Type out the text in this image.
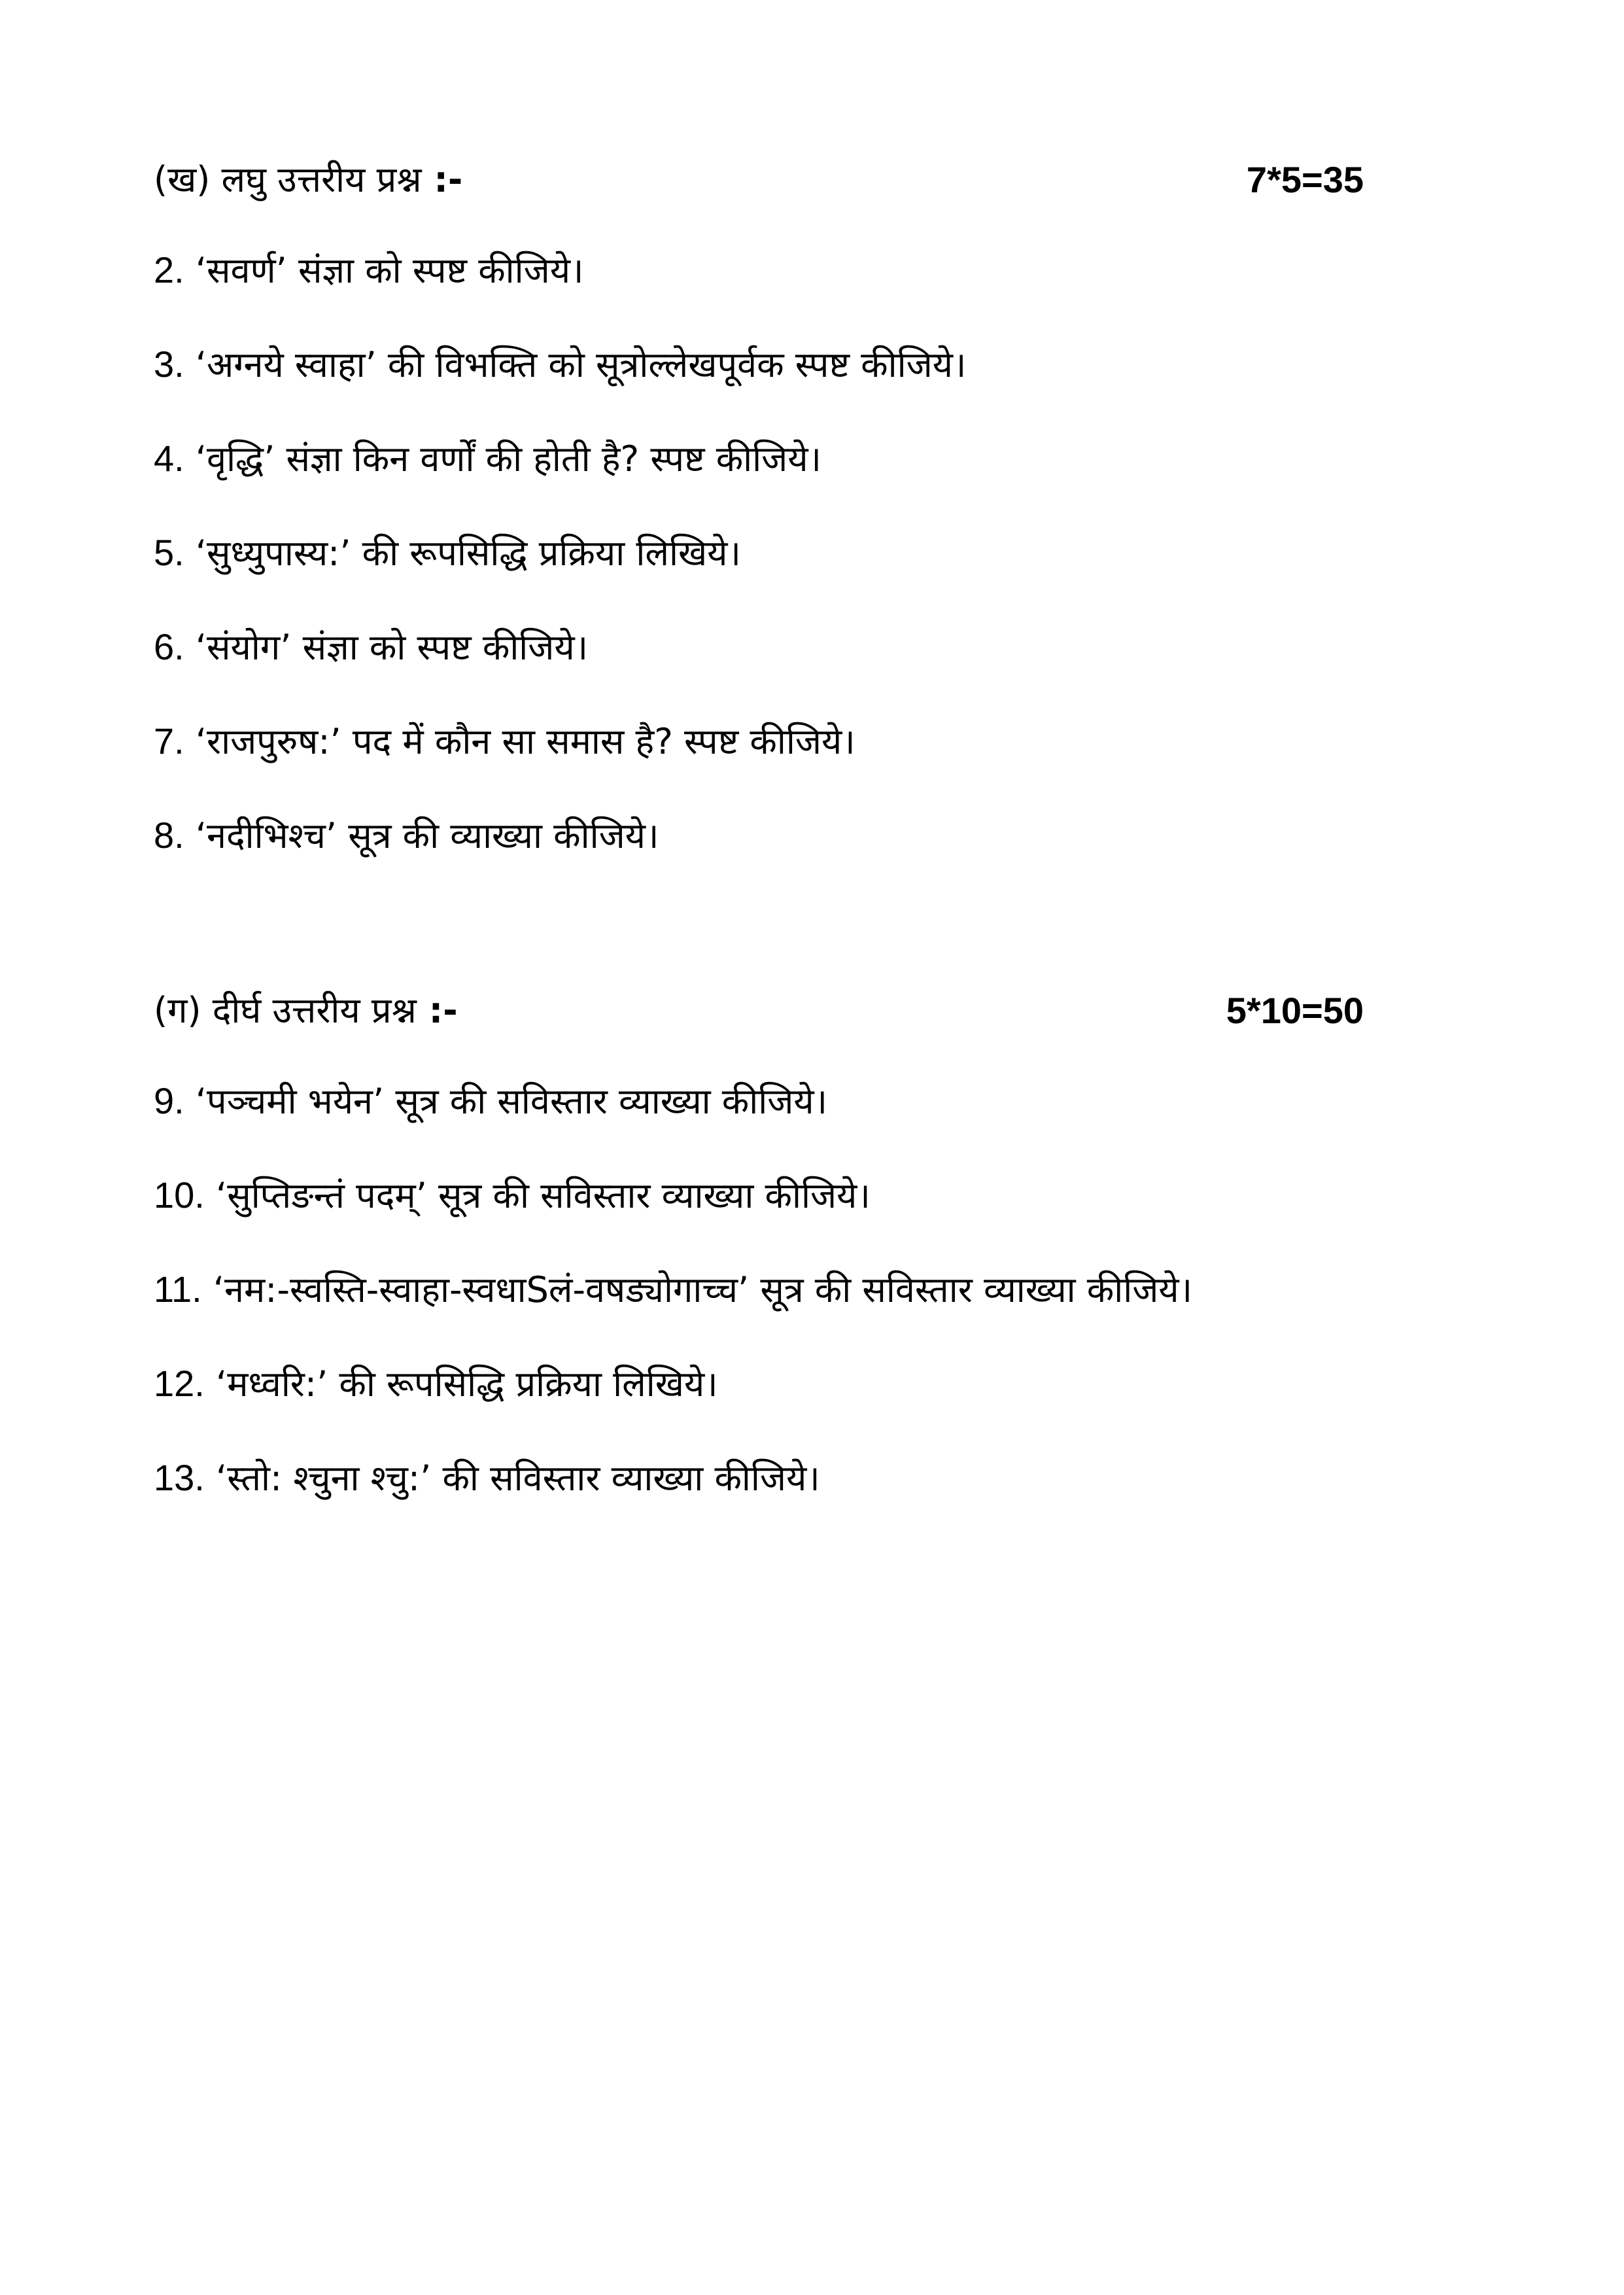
(ख) लघु उत्तरीय प्रश्न :-	7*5=35
2. ‘सवर्ण’ संज्ञा को स्पष्ट कीजिये।
3. ‘अग्नये स्वाहा’ की विभक्ति को सूत्रोल्लेखपूर्वक स्पष्ट कीजिये।
4. ‘वृद्धि’ संज्ञा किन वर्णों की होती है? स्पष्ट कीजिये।
5. ‘सुध्युपास्य:’ की रूपसिद्धि प्रक्रिया लिखिये।
6. ‘संयोग’ संज्ञा को स्पष्ट कीजिये।
7. ‘राजपुरुष:’ पद में कौन सा समास है? स्पष्ट कीजिये।
8. ‘नदीभिश्च’ सूत्र की व्याख्या कीजिये।
(ग) दीर्घ उत्तरीय प्रश्न :-	5*10=50
9. ‘पञ्चमी भयेन’ सूत्र की सविस्तार व्याख्या कीजिये।
10. ‘सुप्तिङन्तं पदम्’ सूत्र की सविस्तार व्याख्या कीजिये।
11. ‘नम:-स्वस्ति-स्वाहा-स्वधाSलं-वषड्योगाच्च’ सूत्र की सविस्तार व्याख्या कीजिये।
12. ‘मध्वरि:’ की रूपसिद्धि प्रक्रिया लिखिये।
13. ‘स्तो: श्चुना श्चु:’ की सविस्तार व्याख्या कीजिये।
